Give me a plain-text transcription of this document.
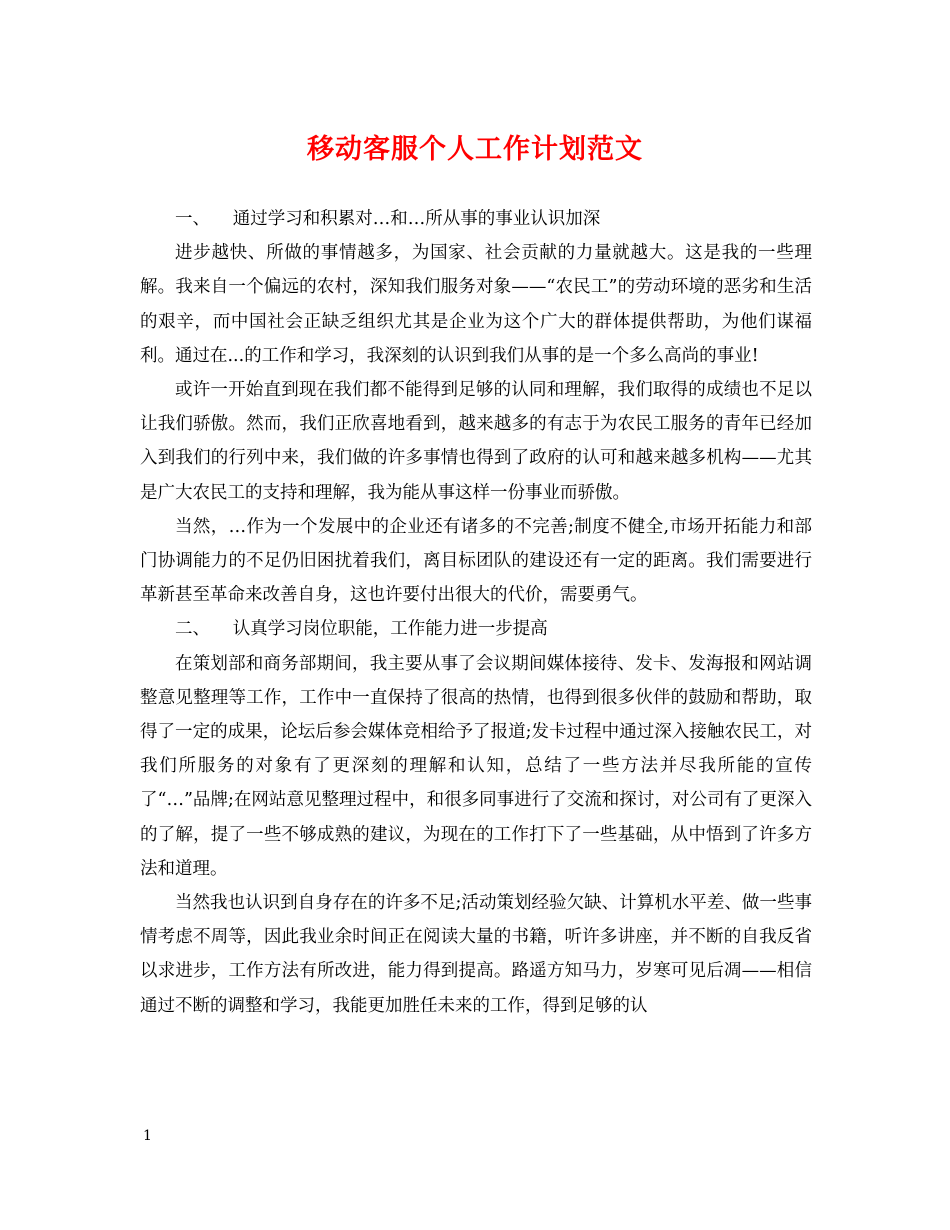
移动客服个人工作计划范文
一、 通过学习和积累对…和…所从事的事业认识加深

进步越快、所做的事情越多，为国家、社会贡献的力量就越大。这是我的一些理解。我来自一个偏远的农村，深知我们服务对象——“农民工”的劳动环境的恶劣和生活的艰辛，而中国社会正缺乏组织尤其是企业为这个广大的群体提供帮助，为他们谋福利。通过在...的工作和学习，我深刻的认识到我们从事的是一个多么高尚的事业!

或许一开始直到现在我们都不能得到足够的认同和理解，我们取得的成绩也不足以让我们骄傲。然而，我们正欣喜地看到，越来越多的有志于为农民工服务的青年已经加入到我们的行列中来，我们做的许多事情也得到了政府的认可和越来越多机构——尤其是广大农民工的支持和理解，我为能从事这样一份事业而骄傲。

当然，…作为一个发展中的企业还有诸多的不完善;制度不健全,市场开拓能力和部门协调能力的不足仍旧困扰着我们，离目标团队的建设还有一定的距离。我们需要进行革新甚至革命来改善自身，这也许要付出很大的代价，需要勇气。

二、 认真学习岗位职能，工作能力进一步提高

在策划部和商务部期间，我主要从事了会议期间媒体接待、发卡、发海报和网站调整意见整理等工作，工作中一直保持了很高的热情，也得到很多伙伴的鼓励和帮助，取得了一定的成果，论坛后参会媒体竞相给予了报道;发卡过程中通过深入接触农民工，对我们所服务的对象有了更深刻的理解和认知，总结了一些方法并尽我所能的宣传了“…”品牌;在网站意见整理过程中，和很多同事进行了交流和探讨，对公司有了更深入的了解，提了一些不够成熟的建议，为现在的工作打下了一些基础，从中悟到了许多方法和道理。

当然我也认识到自身存在的许多不足;活动策划经验欠缺、计算机水平差、做一些事情考虑不周等，因此我业余时间正在阅读大量的书籍，听许多讲座，并不断的自我反省以求进步，工作方法有所改进，能力得到提高。路遥方知马力，岁寒可见后凋——相信通过不断的调整和学习，我能更加胜任未来的工作，得到足够的认

1
